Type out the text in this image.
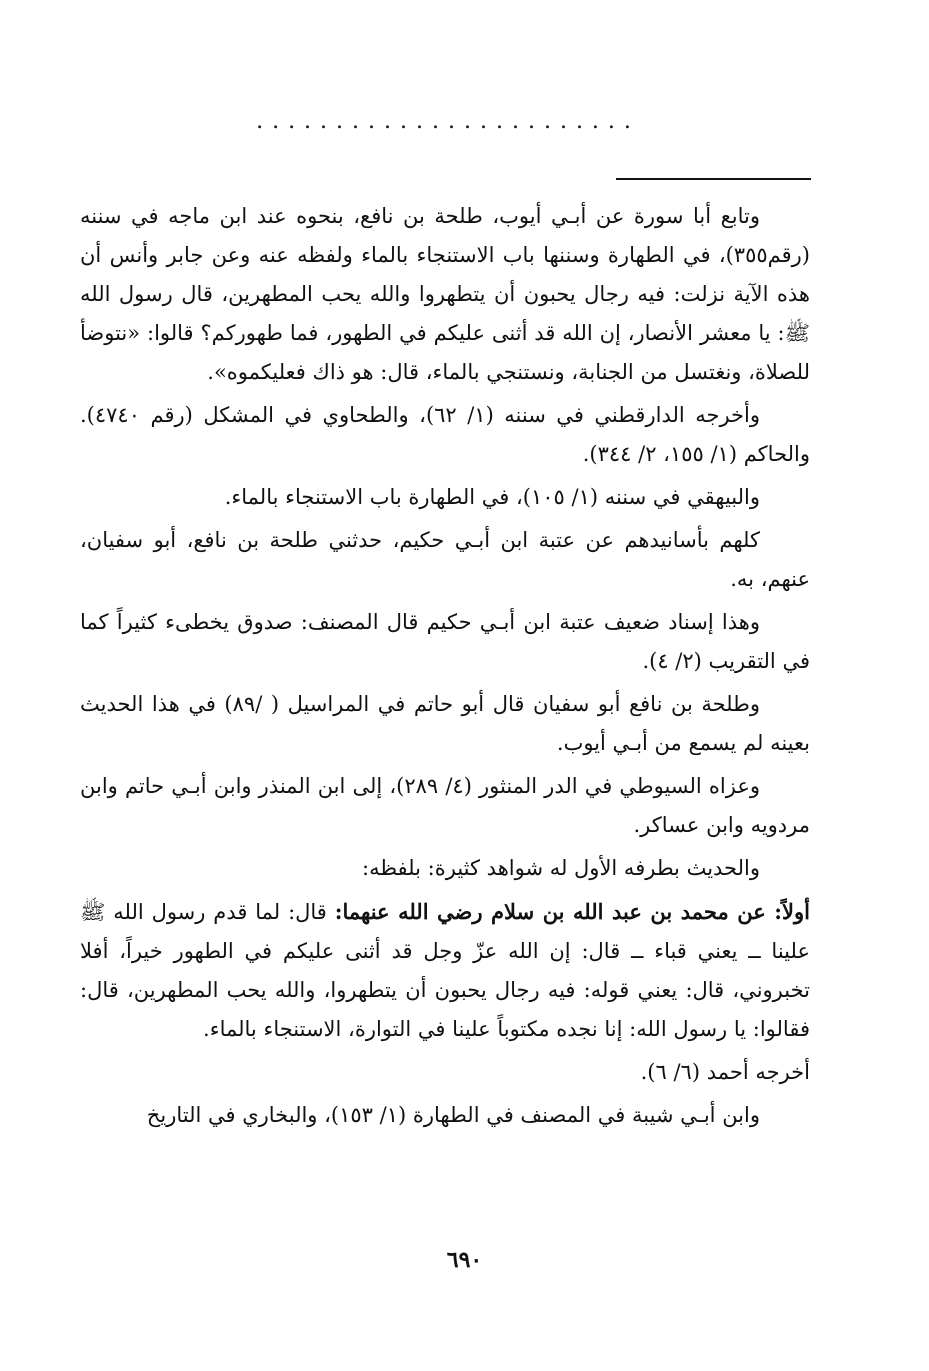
........................

وتابع أبا سورة عن أبـي أيوب، طلحة بن نافع، بنحوه عند ابن ماجه في سننه (رقم٣٥٥)، في الطهارة وسننها باب الاستنجاء بالماء ولفظه عنه وعن جابر وأنس أن هذه الآية نزلت: فيه رجال يحبون أن يتطهروا والله يحب المطهرين، قال رسول الله ﷺ: يا معشر الأنصار، إن الله قد أثنى عليكم في الطهور، فما طهوركم؟ قالوا: «نتوضأ للصلاة، ونغتسل من الجنابة، ونستنجي بالماء، قال: هو ذاك فعليكموه».

وأخرجه الدارقطني في سننه (١/ ٦٢)، والطحاوي في المشكل (رقم ٤٧٤٠). والحاكم (١/ ١٥٥، ٢/ ٣٤٤).

والبيهقي في سننه (١/ ١٠٥)، في الطهارة باب الاستنجاء بالماء.

كلهم بأسانيدهم عن عتبة ابن أبـي حكيم، حدثني طلحة بن نافع، أبو سفيان، عنهم، به.

وهذا إسناد ضعيف عتبة ابن أبـي حكيم قال المصنف: صدوق يخطىء كثيراً كما في التقريب (٢/ ٤).

وطلحة بن نافع أبو سفيان قال أبو حاتم في المراسيل ( /٨٩) في هذا الحديث بعينه لم يسمع من أبـي أيوب.

وعزاه السيوطي في الدر المنثور (٤/ ٢٨٩)، إلى ابن المنذر وابن أبـي حاتم وابن مردويه وابن عساكر.

والحديث بطرفه الأول له شواهد كثيرة: بلفظه:

أولاً: عن محمد بن عبد الله بن سلام رضي الله عنهما: قال: لما قدم رسول الله ﷺ علينا ــ يعني قباء ــ قال: إن الله عزّ وجل قد أثنى عليكم في الطهور خيراً، أفلا تخبروني، قال: يعني قوله: فيه رجال يحبون أن يتطهروا، والله يحب المطهرين، قال: فقالوا: يا رسول الله: إنا نجده مكتوباً علينا في التوارة، الاستنجاء بالماء.

أخرجه أحمد (٦/ ٦).

وابن أبـي شيبة في المصنف في الطهارة (١/ ١٥٣)، والبخاري في التاريخ

٦٩٠
